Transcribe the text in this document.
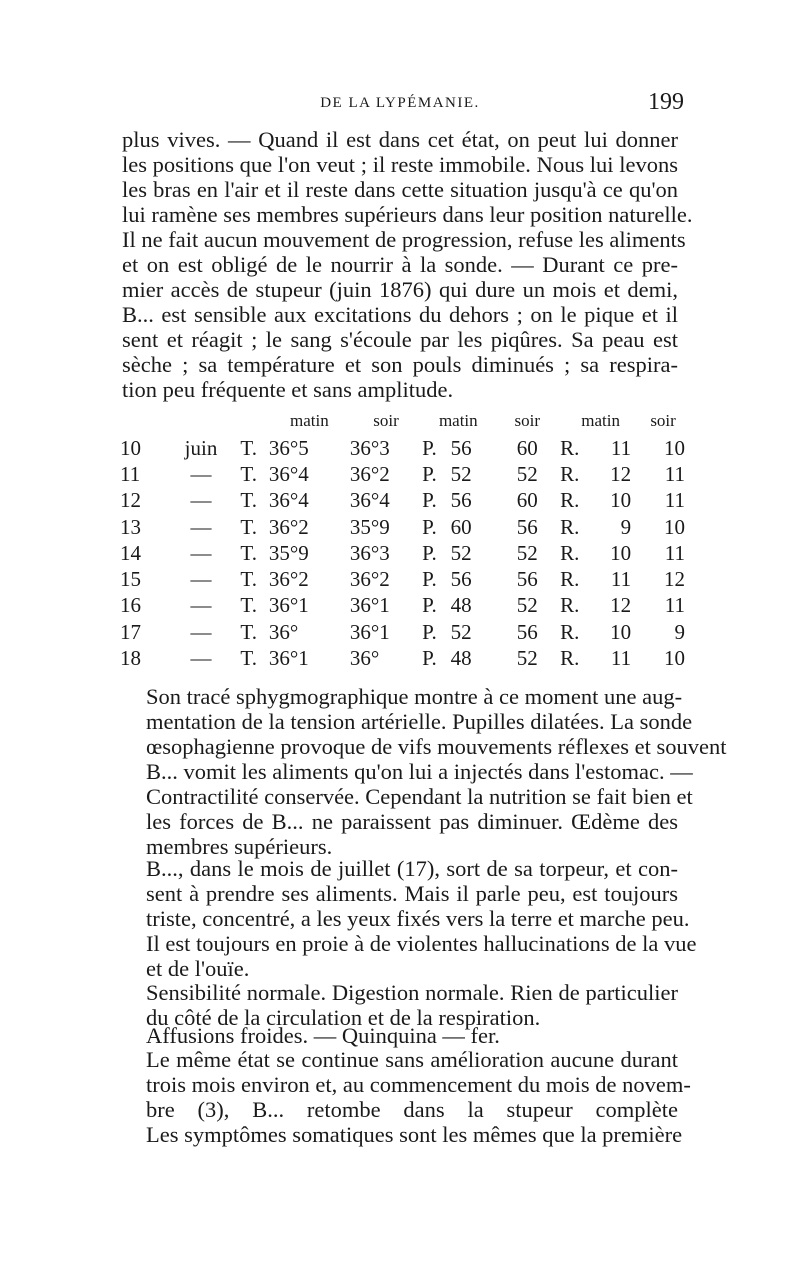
DE LA LYPÉMANIE.	199
plus vives. — Quand il est dans cet état, on peut lui donner
les positions que l'on veut ; il reste immobile. Nous lui levons
les bras en l'air et il reste dans cette situation jusqu'à ce qu'on
lui ramène ses membres supérieurs dans leur position naturelle.
Il ne fait aucun mouvement de progression, refuse les aliments
et on est obligé de le nourrir à la sonde. — Durant ce pre-
mier accès de stupeur (juin 1876) qui dure un mois et demi,
B... est sensible aux excitations du dehors ; on le pique et il
sent et réagit ; le sang s'écoule par les piqûres. Sa peau est
sèche ; sa température et son pouls diminués ; sa respira-
tion peu fréquente et sans amplitude.
			matin	soir	matin		soir	matin		soir
10	juin	T.	36°5	36°3	P.	56	60	R.	11	10
11	—	T.	36°4	36°2	P.	52	52	R.	12	11
12	—	T.	36°4	36°4	P.	56	60	R.	10	11
13	—	T.	36°2	35°9	P.	60	56	R.	9	10
14	—	T.	35°9	36°3	P.	52	52	R.	10	11
15	—	T.	36°2	36°2	P.	56	56	R.	11	12
16	—	T.	36°1	36°1	P.	48	52	R.	12	11
17	—	T.	36°	36°1	P.	52	56	R.	10	9
18	—	T.	36°1	36°	P.	48	52	R.	11	10
Son tracé sphygmographique montre à ce moment une aug-
mentation de la tension artérielle. Pupilles dilatées. La sonde
œsophagienne provoque de vifs mouvements réflexes et souvent
B... vomit les aliments qu'on lui a injectés dans l'estomac. —
Contractilité conservée. Cependant la nutrition se fait bien et
les forces de B... ne paraissent pas diminuer. Œdème des
membres supérieurs.
B..., dans le mois de juillet (17), sort de sa torpeur, et con-
sent à prendre ses aliments. Mais il parle peu, est toujours
triste, concentré, a les yeux fixés vers la terre et marche peu.
Il est toujours en proie à de violentes hallucinations de la vue
et de l'ouïe.
Sensibilité normale. Digestion normale. Rien de particulier
du côté de la circulation et de la respiration.
Affusions froides. — Quinquina — fer.
Le même état se continue sans amélioration aucune durant
trois mois environ et, au commencement du mois de novem-
bre (3), B... retombe dans la stupeur complète
Les symptômes somatiques sont les mêmes que la première
